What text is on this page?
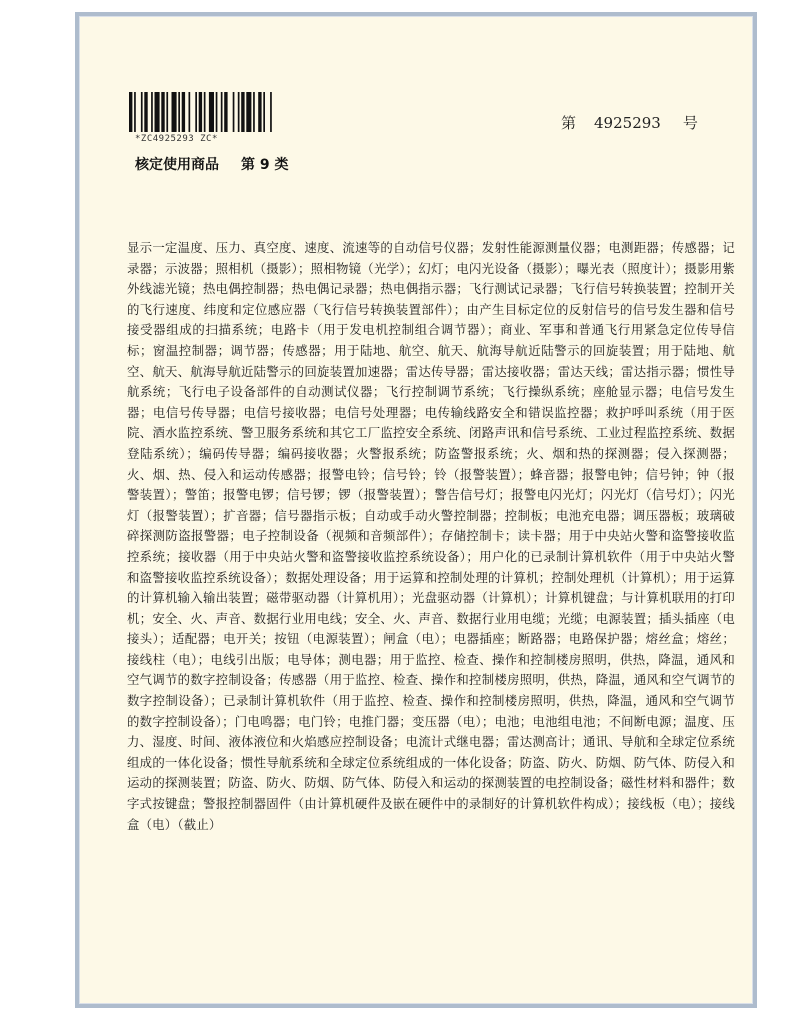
*ZC4925293 ZC*
第 4925293 号
核定使用商品 第 9 类
显示一定温度、压力、真空度、速度、流速等的自动信号仪器；发射性能源测量仪器；电测距器；传感器；记录器；示波器；照相机（摄影）；照相物镜（光学）；幻灯；电闪光设备（摄影）；曝光表（照度计）；摄影用紫外线滤光镜；热电偶控制器；热电偶记录器；热电偶指示器；飞行测试记录器；飞行信号转换装置；控制开关的飞行速度、纬度和定位感应器（飞行信号转换装置部件）；由产生目标定位的反射信号的信号发生器和信号接受器组成的扫描系统；电路卡（用于发电机控制组合调节器）；商业、军事和普通飞行用紧急定位传导信标；窗温控制器；调节器；传感器；用于陆地、航空、航天、航海导航近陆警示的回旋装置；用于陆地、航空、航天、航海导航近陆警示的回旋装置加速器；雷达传导器；雷达接收器；雷达天线；雷达指示器；惯性导航系统；飞行电子设备部件的自动测试仪器；飞行控制调节系统；飞行操纵系统；座舱显示器；电信号发生器；电信号传导器；电信号接收器；电信号处理器；电传输线路安全和错误监控器；救护呼叫系统（用于医院、酒水监控系统、警卫服务系统和其它工厂监控安全系统、闭路声讯和信号系统、工业过程监控系统、数据登陆系统）；编码传导器；编码接收器；火警报系统；防盗警报系统；火、烟和热的探测器；侵入探测器；火、烟、热、侵入和运动传感器；报警电铃；信号铃；铃（报警装置）；蜂音器；报警电钟；信号钟；钟（报警装置）；警笛；报警电锣；信号锣；锣（报警装置）；警告信号灯；报警电闪光灯；闪光灯（信号灯）；闪光灯（报警装置）；扩音器；信号器指示板；自动或手动火警控制器；控制板；电池充电器；调压器板；玻璃破碎探测防盗报警器；电子控制设备（视频和音频部件）；存储控制卡；读卡器；用于中央站火警和盗警接收监控系统；接收器（用于中央站火警和盗警接收监控系统设备）；用户化的已录制计算机软件（用于中央站火警和盗警接收监控系统设备）；数据处理设备；用于运算和控制处理的计算机；控制处理机（计算机）；用于运算的计算机输入输出装置；磁带驱动器（计算机用）；光盘驱动器（计算机）；计算机键盘；与计算机联用的打印机；安全、火、声音、数据行业用电线；安全、火、声音、数据行业用电缆；光缆；电源装置；插头插座（电接头）；适配器；电开关；按钮（电源装置）；闸盒（电）；电器插座；断路器；电路保护器；熔丝盒；熔丝；接线柱（电）；电线引出版；电导体；测电器；用于监控、检查、操作和控制楼房照明，供热，降温，通风和空气调节的数字控制设备；传感器（用于监控、检查、操作和控制楼房照明，供热，降温，通风和空气调节的数字控制设备）；已录制计算机软件（用于监控、检查、操作和控制楼房照明，供热，降温，通风和空气调节的数字控制设备）；门电鸣器；电门铃；电推门器；变压器（电）；电池；电池组电池；不间断电源；温度、压力、湿度、时间、液体液位和火焰感应控制设备；电流计式继电器；雷达测高计；通讯、导航和全球定位系统组成的一体化设备；惯性导航系统和全球定位系统组成的一体化设备；防盗、防火、防烟、防气体、防侵入和运动的探测装置；防盗、防火、防烟、防气体、防侵入和运动的探测装置的电控制设备；磁性材料和器件；数字式按键盘；警报控制器固件（由计算机硬件及嵌在硬件中的录制好的计算机软件构成）；接线板（电）；接线盒（电）（截止）
